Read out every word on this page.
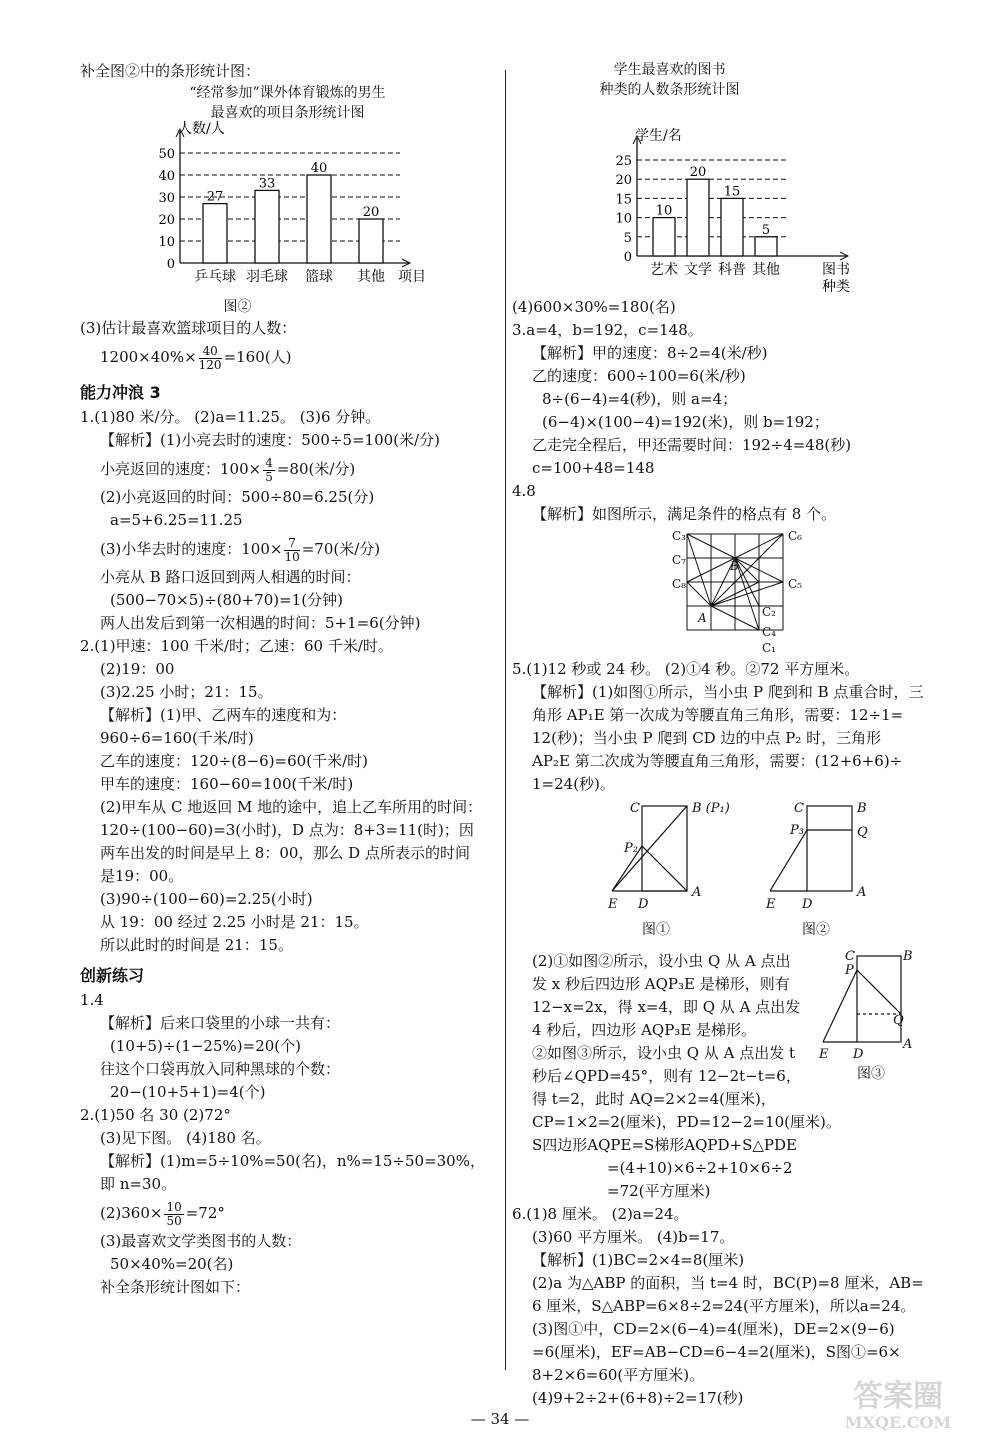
补全图②中的条形统计图：
“经常参加”课外体育锻炼的男生
最喜欢的项目条形统计图
0
10
20
30
40
50
人数/人
27
乒乓球
33
羽毛球
40
篮球
20
其他 项目
图②
(3)估计最喜欢篮球项目的人数：
$1200\times 40\%\times \frac{40}{120} =160$(人)
能力冲浪 3
1.(1)80 米/分。 (2)a=11.25。 (3)6 分钟。
【解析】(1)小亮去时的速度：500÷5=100(米/分)
小亮返回的速度：$100\times \frac{4}{5} =80$(米/分)
(2)小亮返回的时间：500÷80=6.25(分)
a=5+6.25=11.25
(3)小华去时的速度：$100\times \frac{7}{10} =70$(米/分)
小亮从 B 路口返回到两人相遇的时间：
(500−70×5)÷(80+70)=1(分钟)
两人出发后到第一次相遇的时间：5+1=6(分钟)
2.(1)甲速：100 千米/时；乙速：60 千米/时。
(2)19：00
(3)2.25 小时；21：15。
【解析】(1)甲、乙两车的速度和为：
960÷6=160(千米/时)
乙车的速度：120÷(8−6)=60(千米/时)
甲车的速度：160−60=100(千米/时)
(2)甲车从 C 地返回 M 地的途中，追上乙车所用的时间：
120÷(100−60)=3(小时)，D 点为：8+3=11(时)；因
两车出发的时间是早上 8：00，那么 D 点所表示的时间
是19：00。
(3)90÷(100−60)=2.25(小时)
从 19：00 经过 2.25 小时是 21：15。
所以此时的时间是 21：15。
创新练习
1.4
【解析】后来口袋里的小球一共有：
(10+5)÷(1−25%)=20(个)
往这个口袋再放入同种黑球的个数：
20−(10+5+1)=4(个)
2.(1)50 名 30 (2)72°
(3)见下图。 (4)180 名。
【解析】(1)m=5÷10%=50(名)，n%=15÷50=30%，
即 n=30。
$(2)360\times \frac{10}{50} =72^\circ$
(3)最喜欢文学类图书的人数：
50×40%=20(名)
补全条形统计图如下：
学生最喜欢的图书
种类的人数条形统计图
0
5
10
15
20
25
学生/名
10
艺术
20
文学
15
科普
5
其他	图书
种类
(4)600×30%=180(名)
3.a=4，b=192，c=148。
【解析】甲的速度：8÷2=4(米/秒)
乙的速度：600÷100=6(米/秒)
8÷(6−4)=4(秒)，则 a=4；
(6−4)×(100−4)=192(米)，则 b=192；
乙走完全程后，甲还需要时间：192÷4=48(秒)
c=100+48=148
4.8
【解析】如图所示，满足条件的格点有 8 个。
C₃
B
C₆
C₇
C₈	C₅
C₂
A
C₄
C₁
5.(1)12 秒或 24 秒。 (2)①4 秒。②72 平方厘米。
【解析】(1)如图①所示，当小虫 P 爬到和 B 点重合时，三
角形 AP₁E 第一次成为等腰直角三角形，需要：12÷1=
12(秒)；当小虫 P 爬到 CD 边的中点 P₂ 时，三角形
AP₂E 第二次成为等腰直角三角形，需要：(12+6+6)÷
1=24(秒)。
C	B (P₁)
P₂
E D
A
C	B
P₃	Q
E D
A
图①	图②
(2)①如图②所示，设小虫 Q 从 A 点出
发 x 秒后四边形 AQP₃E 是梯形，则有
12−x=2x，得 x=4，即 Q 从 A 点出发
4 秒后，四边形 AQP₃E 是梯形。
②如图③所示，设小虫 Q 从 A 点出发 t
秒后∠QPD=45°，则有 12−2t−t=6，
C	B
P
Q
E D
A
图③
得 t=2，此时 AQ=2×2=4(厘米)，
CP=1×2=2(厘米)，PD=12−2=10(厘米)。
S四边形AQPE=S梯形AQPD+S△PDE
=(4+10)×6÷2+10×6÷2
=72(平方厘米)
6.(1)8 厘米。 (2)a=24。
(3)60 平方厘米。 (4)b=17。
【解析】(1)BC=2×4=8(厘米)
(2)a 为△ABP 的面积，当 t=4 时，BC(P)=8 厘米，AB=
6 厘米，S△ABP=6×8÷2=24(平方厘米)，所以a=24。
(3)图①中，CD=2×(6−4)=4(厘米)，DE=2×(9−6)
=6(厘米)，EF=AB−CD=6−4=2(厘米)，S图①=6×
8+2×6=60(平方厘米)。
(4)9+2÷2+(6+8)÷2=17(秒)
— 34 —
答案圈
MXQE.COM
